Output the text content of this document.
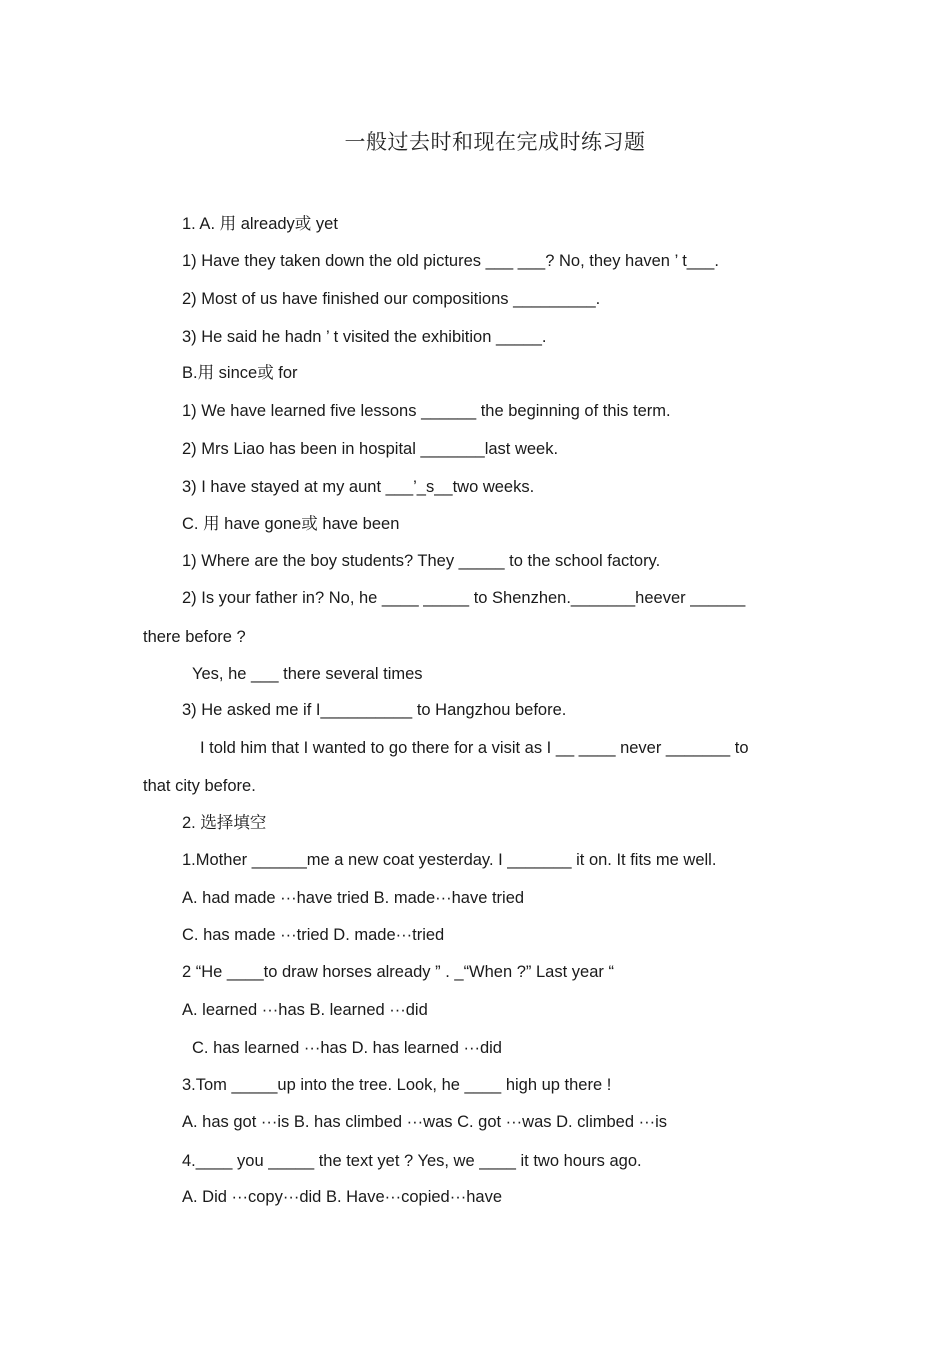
一般过去时和现在完成时练习题
1. A. 用 already或 yet
1) Have they taken down the old pictures ___ ___? No, they haven ’ t___.
2) Most of us have finished our compositions _________.
3) He said he hadn ’ t visited the exhibition _____.
B.用 since或 for
1) We have learned five lessons ______ the beginning of this term.
2) Mrs Liao has been in hospital _______last week.
3) I have stayed at my aunt ___’_s__two weeks.
C. 用 have gone或 have been
1) Where are the boy students? They _____ to the school factory.
2) Is your father in? No, he ____ _____ to Shenzhen._______heever ______
there before ?
Yes, he ___ there several times
3) He asked me if I__________ to Hangzhou before.
I told him that I wanted to go there for a visit as I __ ____ never _______ to
that city before.
2. 选择填空
1.Mother ______me a new coat yesterday. I _______ it on. It fits me well.
A. had made ···have tried B. made···have tried
C. has made ···tried D. made···tried
2 “He ____to draw horses already ” . _“When ?” Last year “
A. learned ···has B. learned ···did
C. has learned ···has D. has learned ···did
3.Tom _____up into the tree. Look, he ____ high up there !
A. has got ···is B. has climbed ···was C. got ···was D. climbed ···is
4.____ you _____ the text yet ? Yes, we ____ it two hours ago.
A. Did ···copy···did B. Have···copied···have
